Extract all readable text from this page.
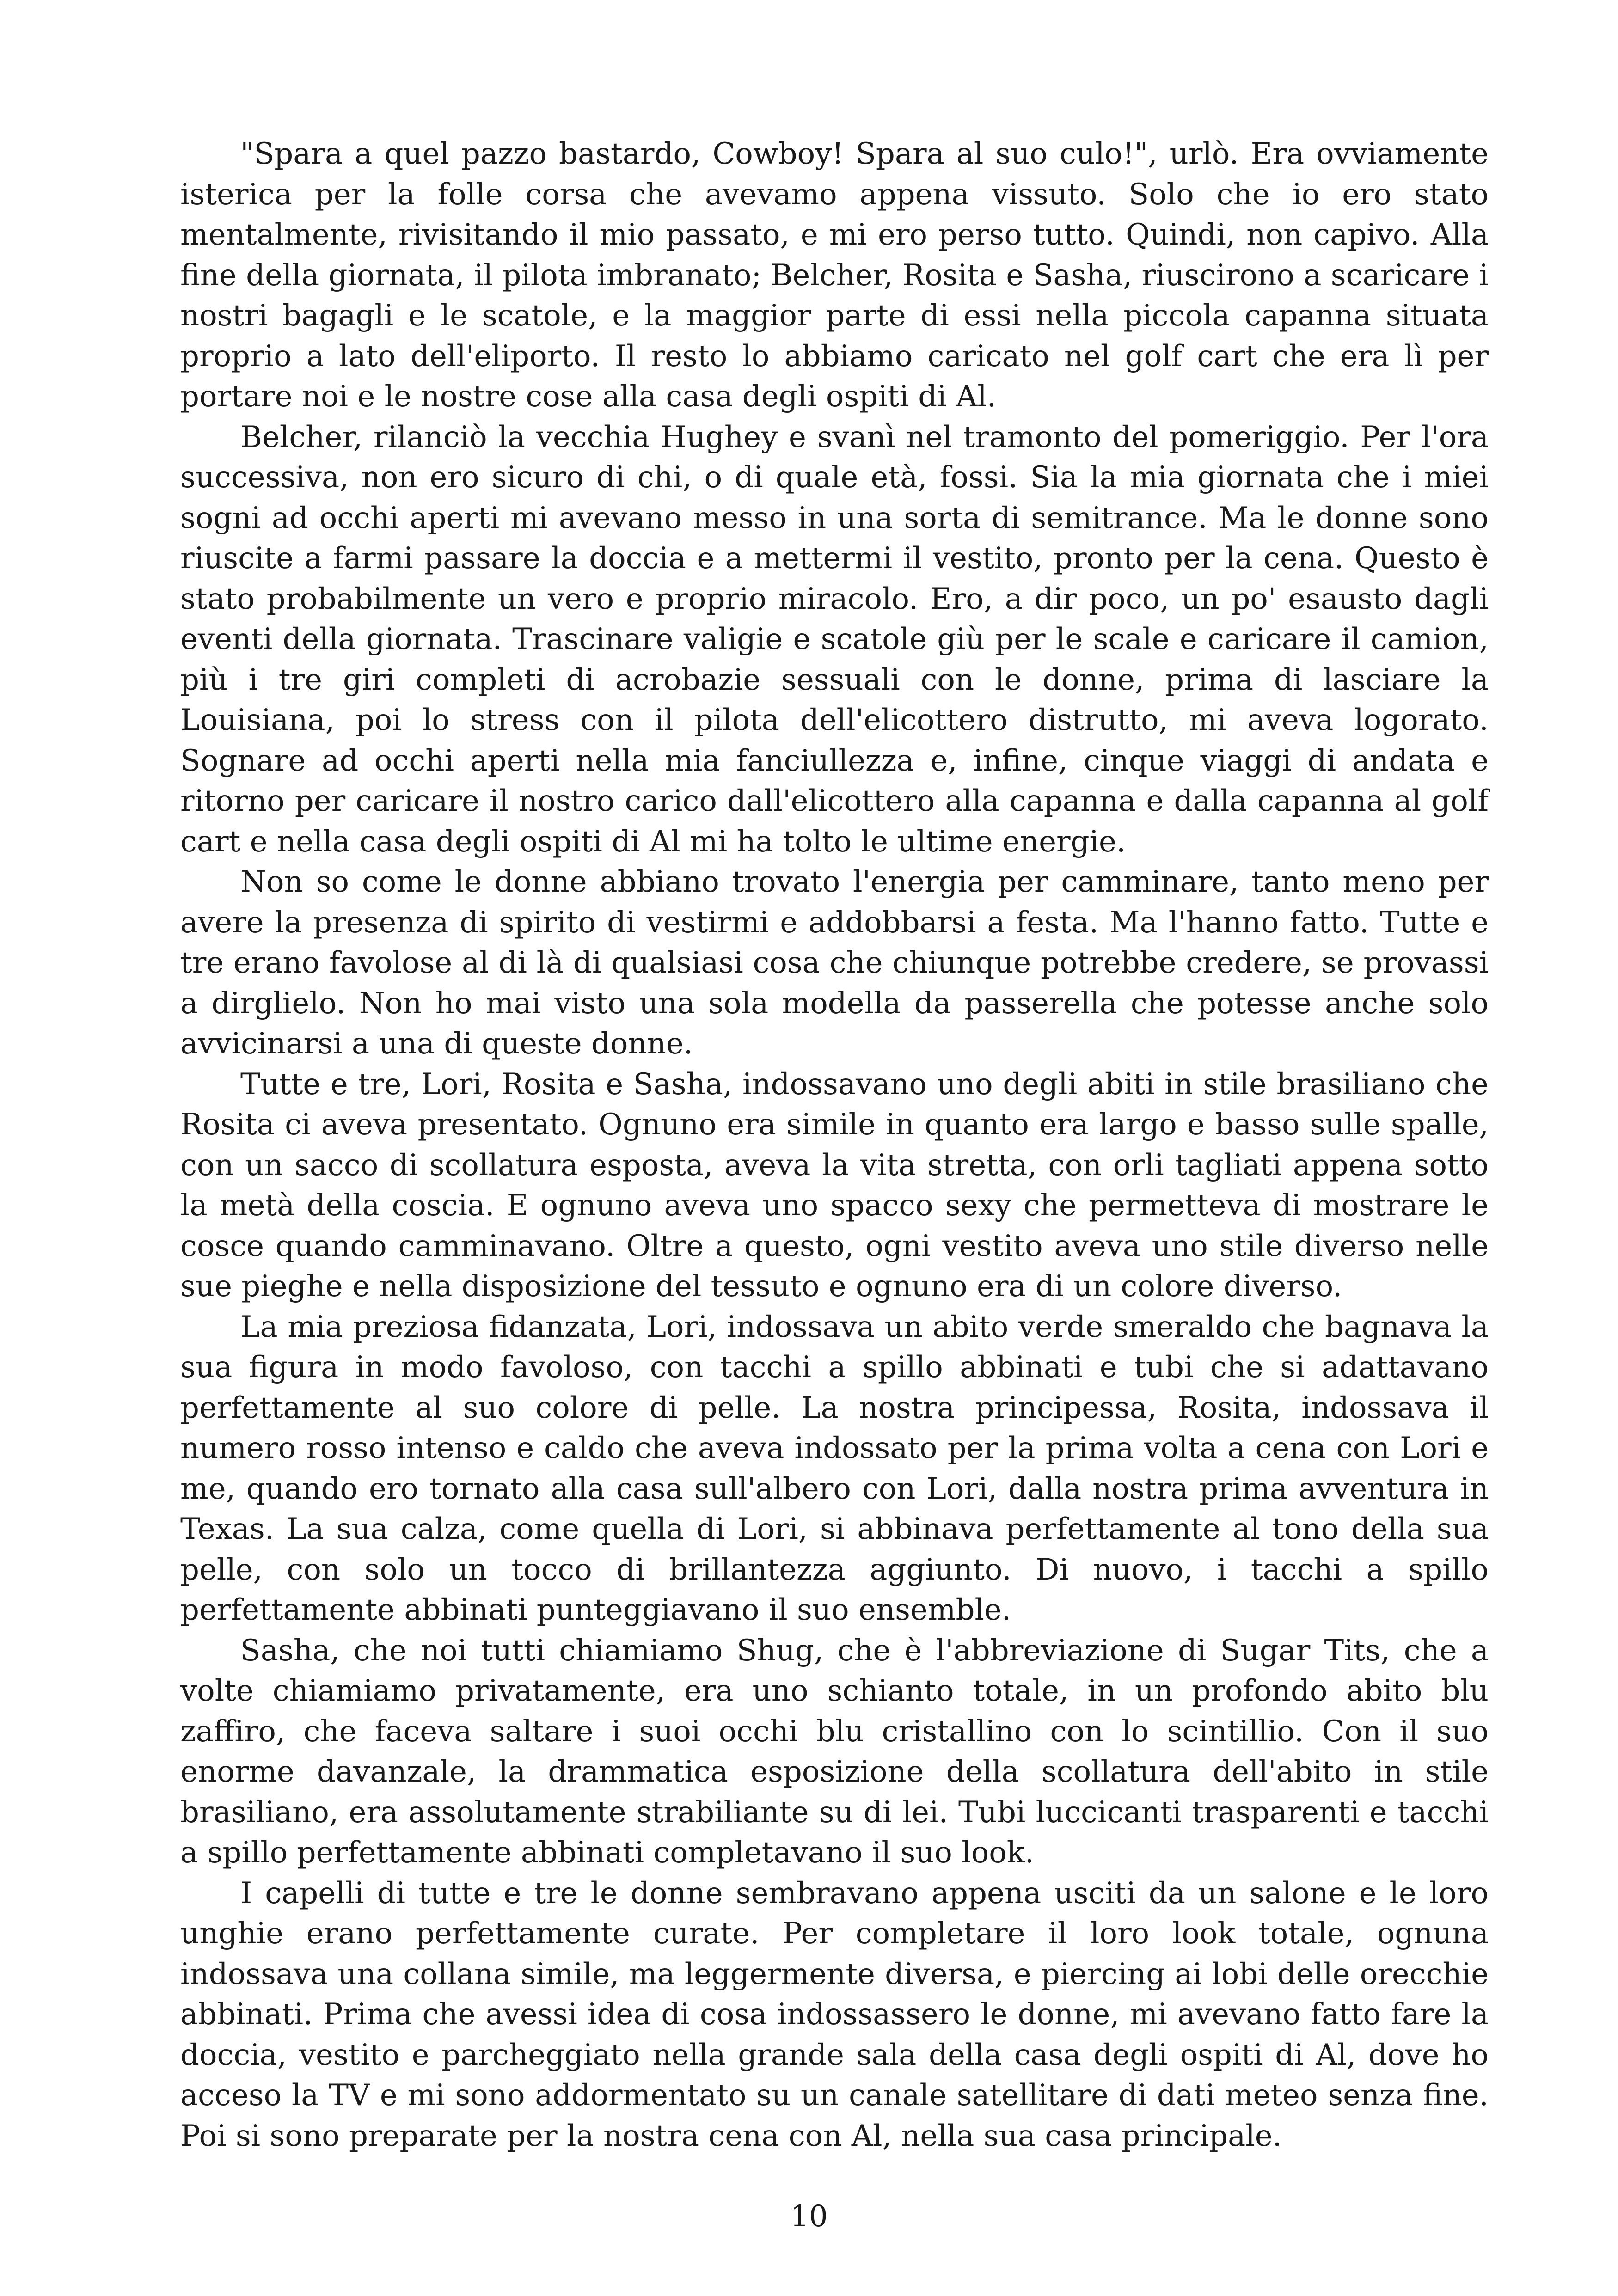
"Spara a quel pazzo bastardo, Cowboy! Spara al suo culo!", urlò. Era ovviamente isterica per la folle corsa che avevamo appena vissuto. Solo che io ero stato mentalmente, rivisitando il mio passato, e mi ero perso tutto. Quindi, non capivo. Alla fine della giornata, il pilota imbranato; Belcher, Rosita e Sasha, riuscirono a scaricare i nostri bagagli e le scatole, e la maggior parte di essi nella piccola capanna situata proprio a lato dell'eliporto. Il resto lo abbiamo caricato nel golf cart che era lì per portare noi e le nostre cose alla casa degli ospiti di Al.

Belcher, rilanciò la vecchia Hughey e svanì nel tramonto del pomeriggio. Per l'ora successiva, non ero sicuro di chi, o di quale età, fossi. Sia la mia giornata che i miei sogni ad occhi aperti mi avevano messo in una sorta di semitrance. Ma le donne sono riuscite a farmi passare la doccia e a mettermi il vestito, pronto per la cena. Questo è stato probabilmente un vero e proprio miracolo. Ero, a dir poco, un po' esausto dagli eventi della giornata. Trascinare valigie e scatole giù per le scale e caricare il camion, più i tre giri completi di acrobazie sessuali con le donne, prima di lasciare la Louisiana, poi lo stress con il pilota dell'elicottero distrutto, mi aveva logorato. Sognare ad occhi aperti nella mia fanciullezza e, infine, cinque viaggi di andata e ritorno per caricare il nostro carico dall'elicottero alla capanna e dalla capanna al golf cart e nella casa degli ospiti di Al mi ha tolto le ultime energie.

Non so come le donne abbiano trovato l'energia per camminare, tanto meno per avere la presenza di spirito di vestirmi e addobbarsi a festa. Ma l'hanno fatto. Tutte e tre erano favolose al di là di qualsiasi cosa che chiunque potrebbe credere, se provassi a dirglielo. Non ho mai visto una sola modella da passerella che potesse anche solo avvicinarsi a una di queste donne.

Tutte e tre, Lori, Rosita e Sasha, indossavano uno degli abiti in stile brasiliano che Rosita ci aveva presentato. Ognuno era simile in quanto era largo e basso sulle spalle, con un sacco di scollatura esposta, aveva la vita stretta, con orli tagliati appena sotto la metà della coscia. E ognuno aveva uno spacco sexy che permetteva di mostrare le cosce quando camminavano. Oltre a questo, ogni vestito aveva uno stile diverso nelle sue pieghe e nella disposizione del tessuto e ognuno era di un colore diverso.

La mia preziosa fidanzata, Lori, indossava un abito verde smeraldo che bagnava la sua figura in modo favoloso, con tacchi a spillo abbinati e tubi che si adattavano perfettamente al suo colore di pelle. La nostra principessa, Rosita, indossava il numero rosso intenso e caldo che aveva indossato per la prima volta a cena con Lori e me, quando ero tornato alla casa sull'albero con Lori, dalla nostra prima avventura in Texas. La sua calza, come quella di Lori, si abbinava perfettamente al tono della sua pelle, con solo un tocco di brillantezza aggiunto. Di nuovo, i tacchi a spillo perfettamente abbinati punteggiavano il suo ensemble.

Sasha, che noi tutti chiamiamo Shug, che è l'abbreviazione di Sugar Tits, che a volte chiamiamo privatamente, era uno schianto totale, in un profondo abito blu zaffiro, che faceva saltare i suoi occhi blu cristallino con lo scintillio. Con il suo enorme davanzale, la drammatica esposizione della scollatura dell'abito in stile brasiliano, era assolutamente strabiliante su di lei. Tubi luccicanti trasparenti e tacchi a spillo perfettamente abbinati completavano il suo look.

I capelli di tutte e tre le donne sembravano appena usciti da un salone e le loro unghie erano perfettamente curate. Per completare il loro look totale, ognuna indossava una collana simile, ma leggermente diversa, e piercing ai lobi delle orecchie abbinati. Prima che avessi idea di cosa indossassero le donne, mi avevano fatto fare la doccia, vestito e parcheggiato nella grande sala della casa degli ospiti di Al, dove ho acceso la TV e mi sono addormentato su un canale satellitare di dati meteo senza fine. Poi si sono preparate per la nostra cena con Al, nella sua casa principale.

10
